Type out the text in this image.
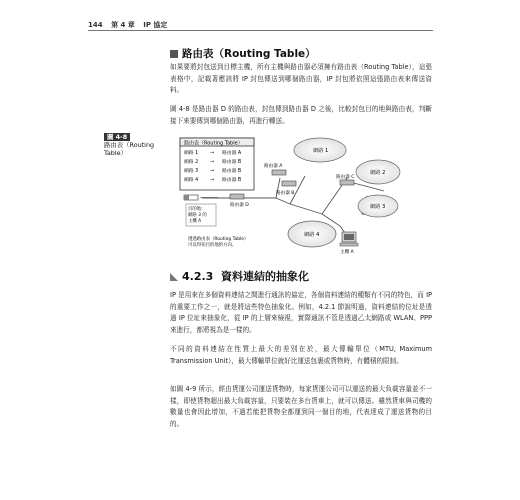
144 第 4 章 IP 協定
路由表（Routing Table）
如果要將封包送到目標主機，所有主機與路由器必須擁有路由表（Routing Table），這張表格中，記載著應該將 IP 封包傳送到哪個路由器，IP 封包將依照這張路由表來傳送資料。
圖 4-8 是路由器 D 的路由表，封包傳到路由器 D 之後，比較封包目的地與路由表，判斷接下來要傳到哪個路由器，再進行轉送。
圖 4-8
路由表（Routing Table）
路由表（Routing Table）
網路 1 → 路由器 A
網路 2 → 路由器 B
網路 3 → 路由器 B
網路 4 → 路由器 B
網路 1
網路 2
網路 3
網路 4
路由器 A
路由器 B
路由器 C
路由器 D
目的地：
網路 3 的
主機 A
透過路由表（Routing Table）
可以得知目的地的方向。
主機 A
4.2.3 資料連結的抽象化
IP 是用來在多個資料連結之間進行通訊的協定，各個資料連結的種類有不同的特色，而 IP 的重要工作之一，就是將這些特色抽象化。例如，4.2.1 節說明過，資料連結的位址是透過 IP 位址來抽象化，從 IP 的上層來檢視，實際通訊不管是透過乙太網路或 WLAN、PPP 來進行，都將視為是一樣的。
不同的資料連結在性質上最大的差別在於，最大傳輸單位（MTU, Maximum Transmission Unit），最大傳輸單位就好比運送包裹或貨物時，有體積的限制。
如圖 4-9 所示，經由貨運公司運送貨物時，每家貨運公司可以運送的最大負載容量並不一樣，即使貨物超出最大負載容量，只要裝在多台貨車上，就可以傳送。雖然貨車與司機的數量也會因此增加，不過若能把貨物全都運到同一個目的地，代表達成了運送貨物的目的。
